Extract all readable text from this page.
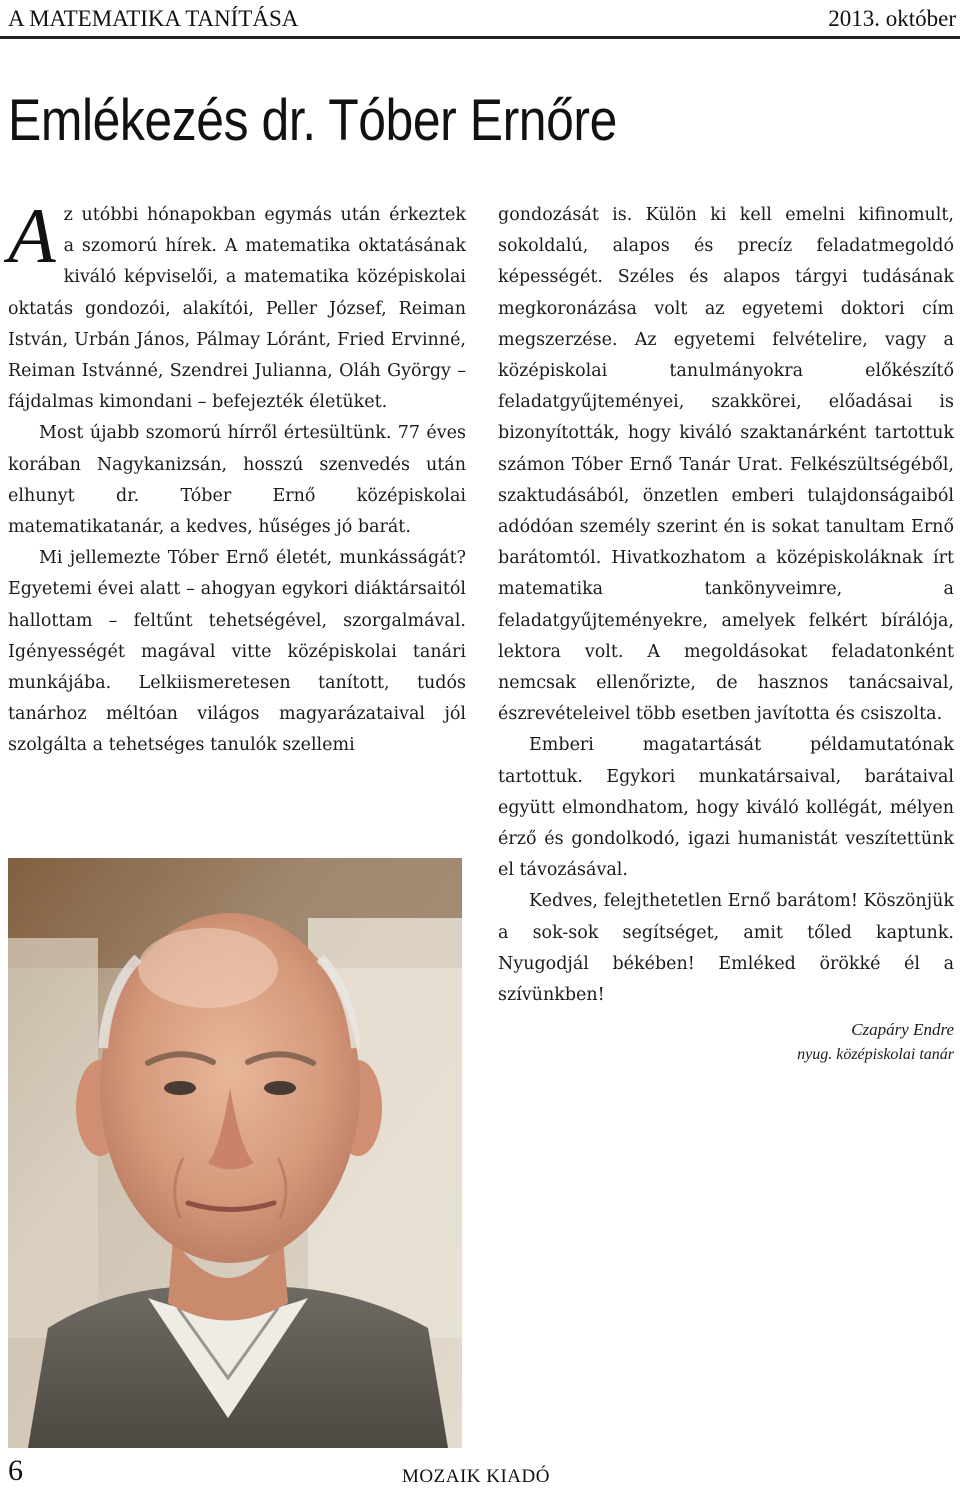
A MATEMATIKA TANÍTÁSA	2013. október
Emlékezés dr. Tóber Ernőre

Az utóbbi hónapokban egymás után érkeztek a szomorú hírek. A matematika oktatásának kiváló képviselői, a matematika középiskolai oktatás gondozói, alakítói, Peller József, Reiman István, Urbán János, Pálmay Lóránt, Fried Ervinné, Reiman Istvánné, Szendrei Julianna, Oláh György – fájdalmas kimondani – befejezték életüket.

Most újabb szomorú hírről értesültünk. 77 éves korában Nagykanizsán, hosszú szenvedés után elhunyt dr. Tóber Ernő középiskolai matematikatanár, a kedves, hűséges jó barát.

Mi jellemezte Tóber Ernő életét, munkásságát? Egyetemi évei alatt – ahogyan egykori diáktársaitól hallottam – feltűnt tehetségével, szorgalmával. Igényességét magával vitte középiskolai tanári munkájába. Lelkiismeretesen tanított, tudós tanárhoz méltóan világos magyarázataival jól szolgálta a tehetséges tanulók szellemi

gondozását is. Külön ki kell emelni kifinomult, sokoldalú, alapos és precíz feladatmegoldó képességét. Széles és alapos tárgyi tudásának megkoronázása volt az egyetemi doktori cím megszerzése. Az egyetemi felvételire, vagy a középiskolai tanulmányokra előkészítő feladatgyűjteményei, szakkörei, előadásai is bizonyították, hogy kiváló szaktanárként tartottuk számon Tóber Ernő Tanár Urat. Felkészültségéből, szaktudásából, önzetlen emberi tulajdonságaiból adódóan személy szerint én is sokat tanultam Ernő barátomtól. Hivatkozhatom a középiskoláknak írt matematika tankönyveimre, a feladatgyűjteményekre, amelyek felkért bírálója, lektora volt. A megoldásokat feladatonként nemcsak ellenőrizte, de hasznos tanácsaival, észrevételeivel több esetben javította és csiszolta.

Emberi magatartását példamutatónak tartottuk. Egykori munkatársaival, barátaival együtt elmondhatom, hogy kiváló kollégát, mélyen érző és gondolkodó, igazi humanistát veszítettünk el távozásával.

Kedves, felejthetetlen Ernő barátom! Köszönjük a sok-sok segítséget, amit tőled kaptunk. Nyugodjál békében! Emléked örökké él a szívünkben!

Czapáry Endre
nyug. középiskolai tanár
6	MOZAIK KIADÓ
